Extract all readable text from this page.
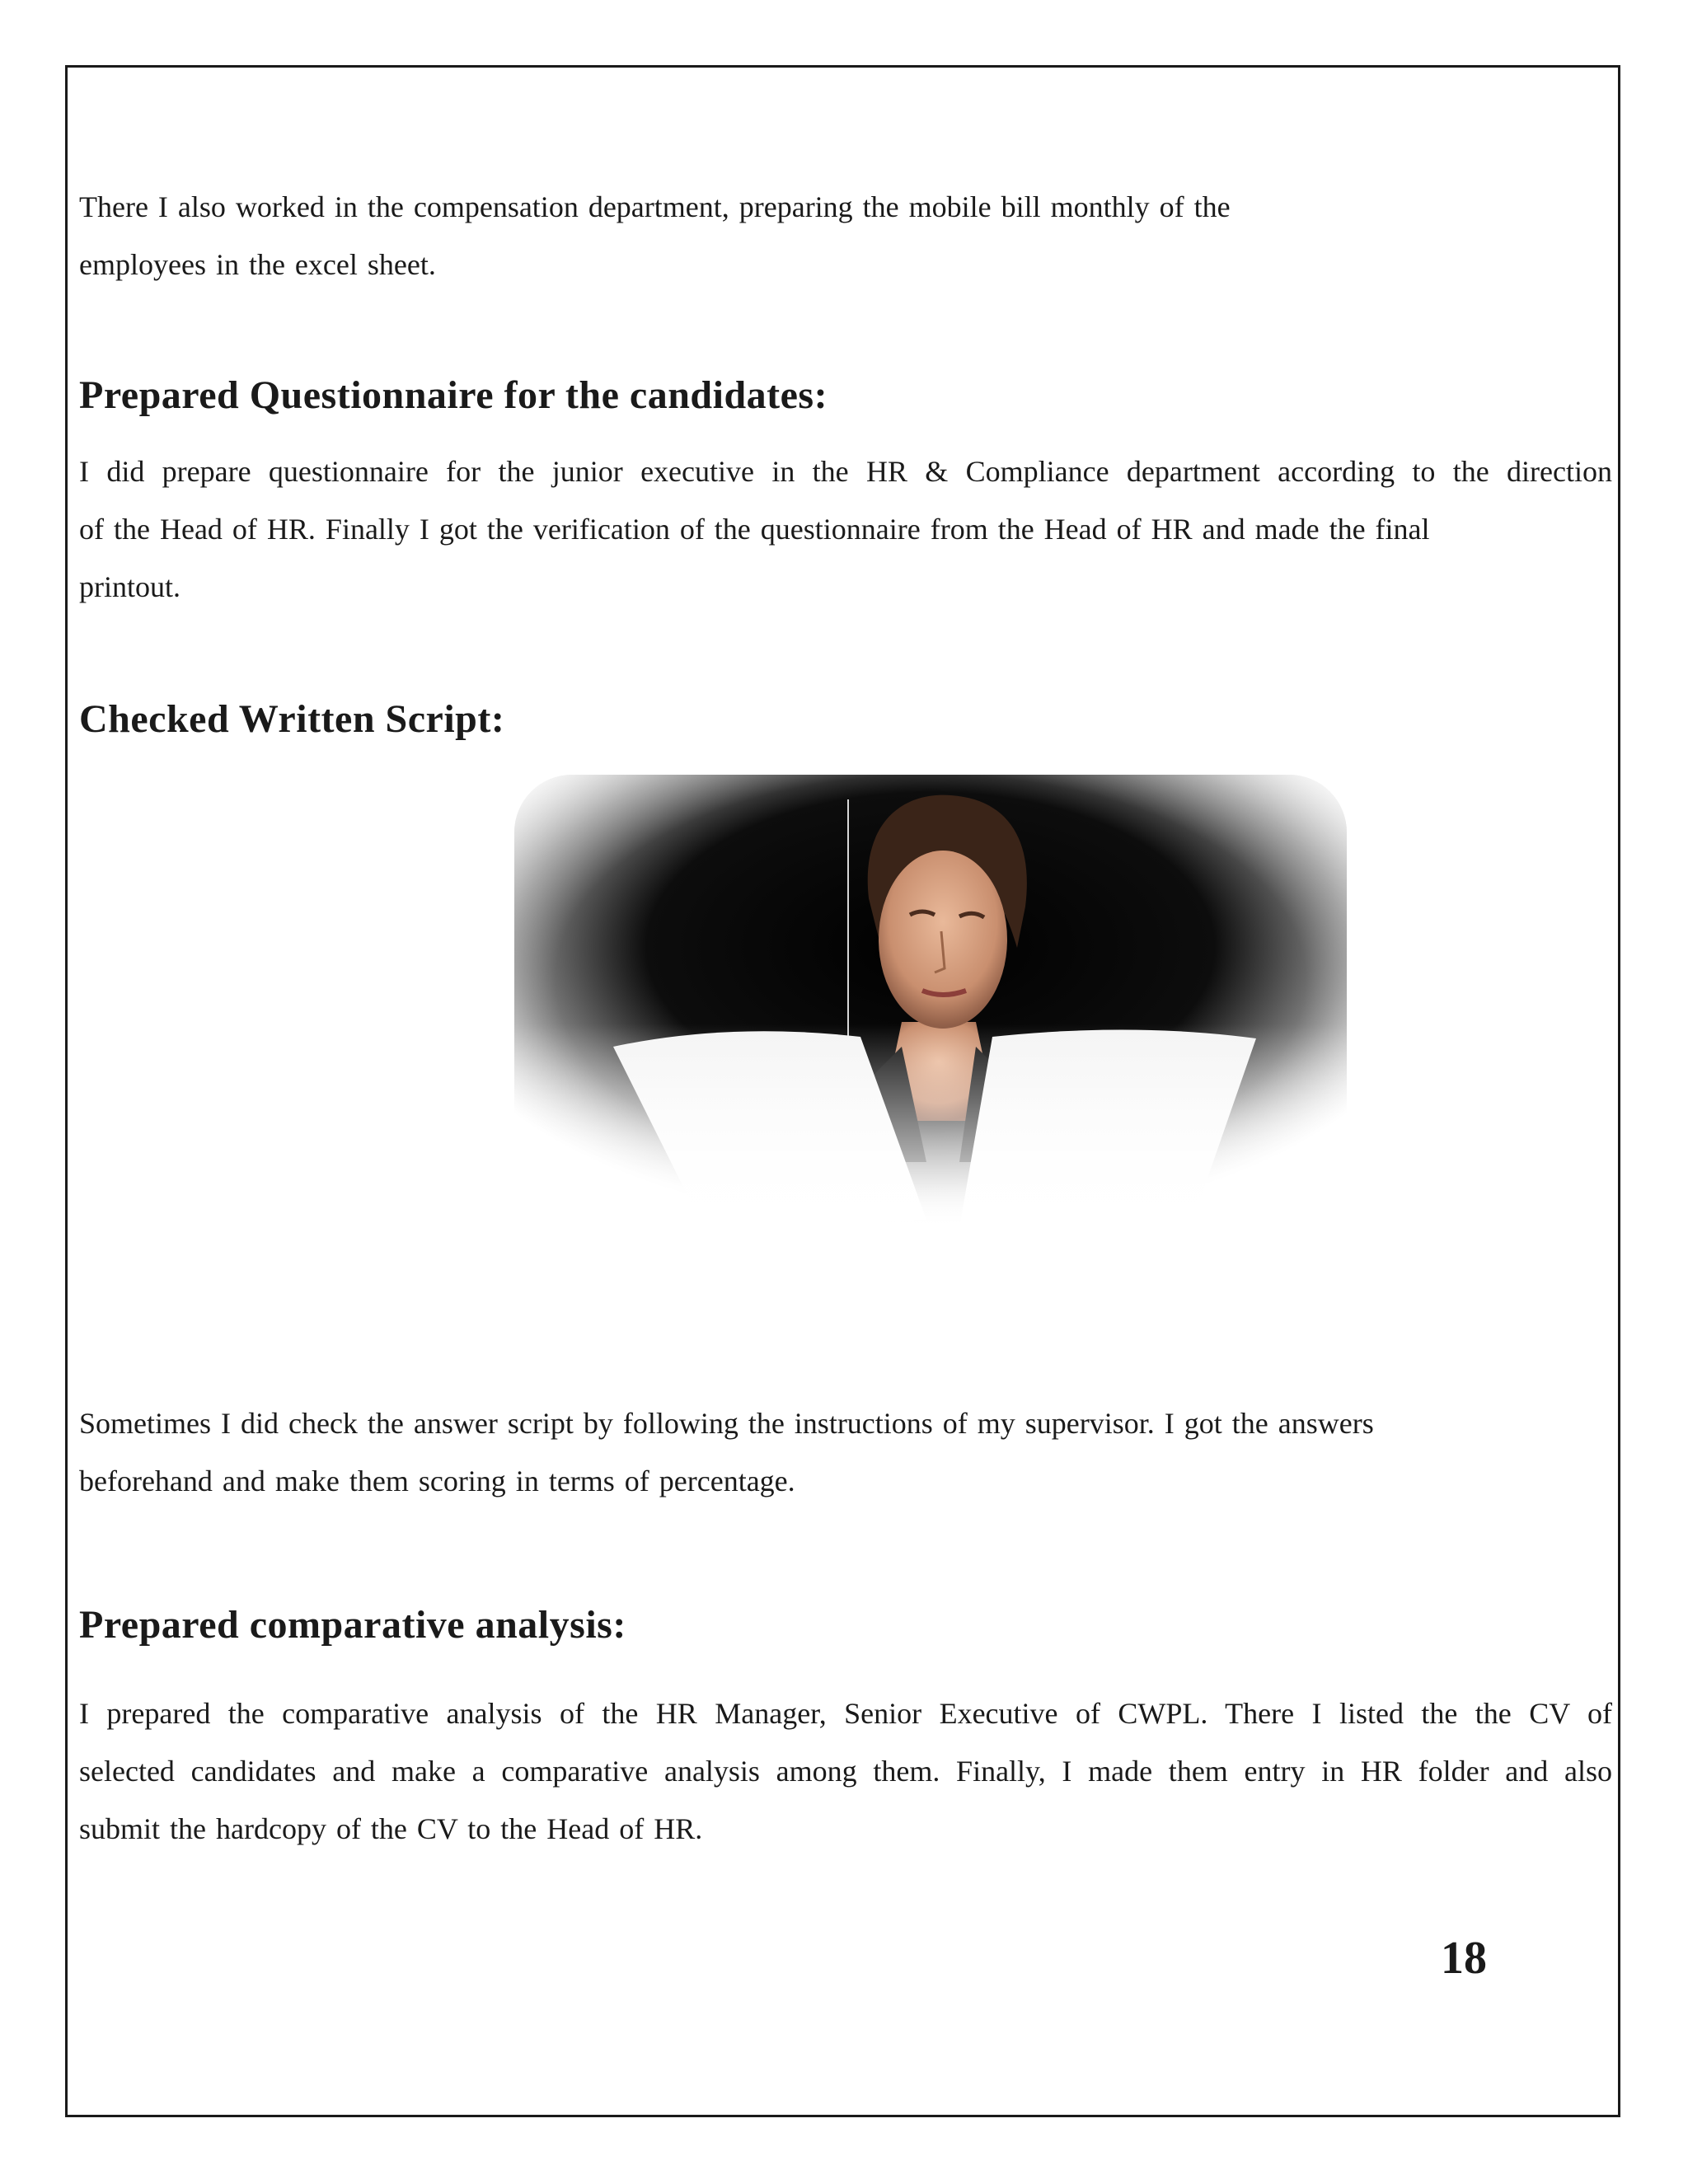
There I also worked in the compensation department, preparing the mobile bill monthly of the
employees in the excel sheet.

Prepared Questionnaire for the candidates:

I did prepare questionnaire for the junior executive in the HR & Compliance department according to the direction
of the Head of HR. Finally I got the verification of the questionnaire from the Head of HR and made the final
printout.

Checked Written Script:

Sometimes I did check the answer script by following the instructions of my supervisor. I got the answers
beforehand and make them scoring in terms of percentage.

Prepared comparative analysis:

I prepared the comparative analysis of the HR Manager, Senior Executive of CWPL. There I listed the the CV of
selected candidates and make a comparative analysis among them. Finally, I made them entry in HR folder and also
submit the hardcopy of the CV to the Head of HR.

18
